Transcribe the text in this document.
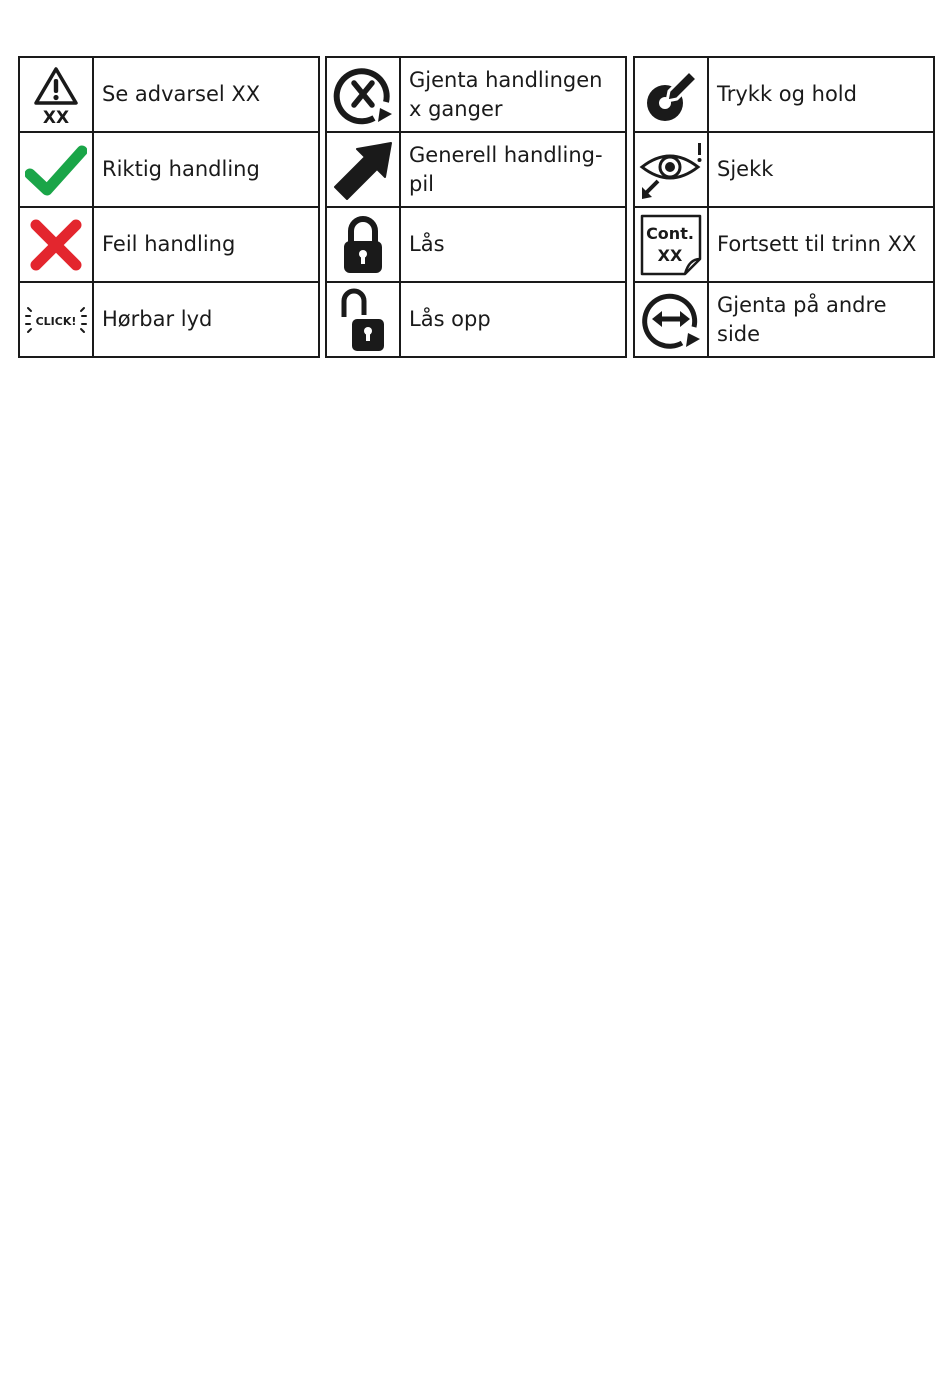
XX	Se advarsel XX

	Riktig handling

	Feil handling

CLICK!	Hørbar lyd
	Gjenta handlingen
x ganger

	Generell handling-pil

	Lås

	Lås opp
	Trykk og hold

	Sjekk

Cont.
XX	Fortsett til trinn XX

	Gjenta på andre side
